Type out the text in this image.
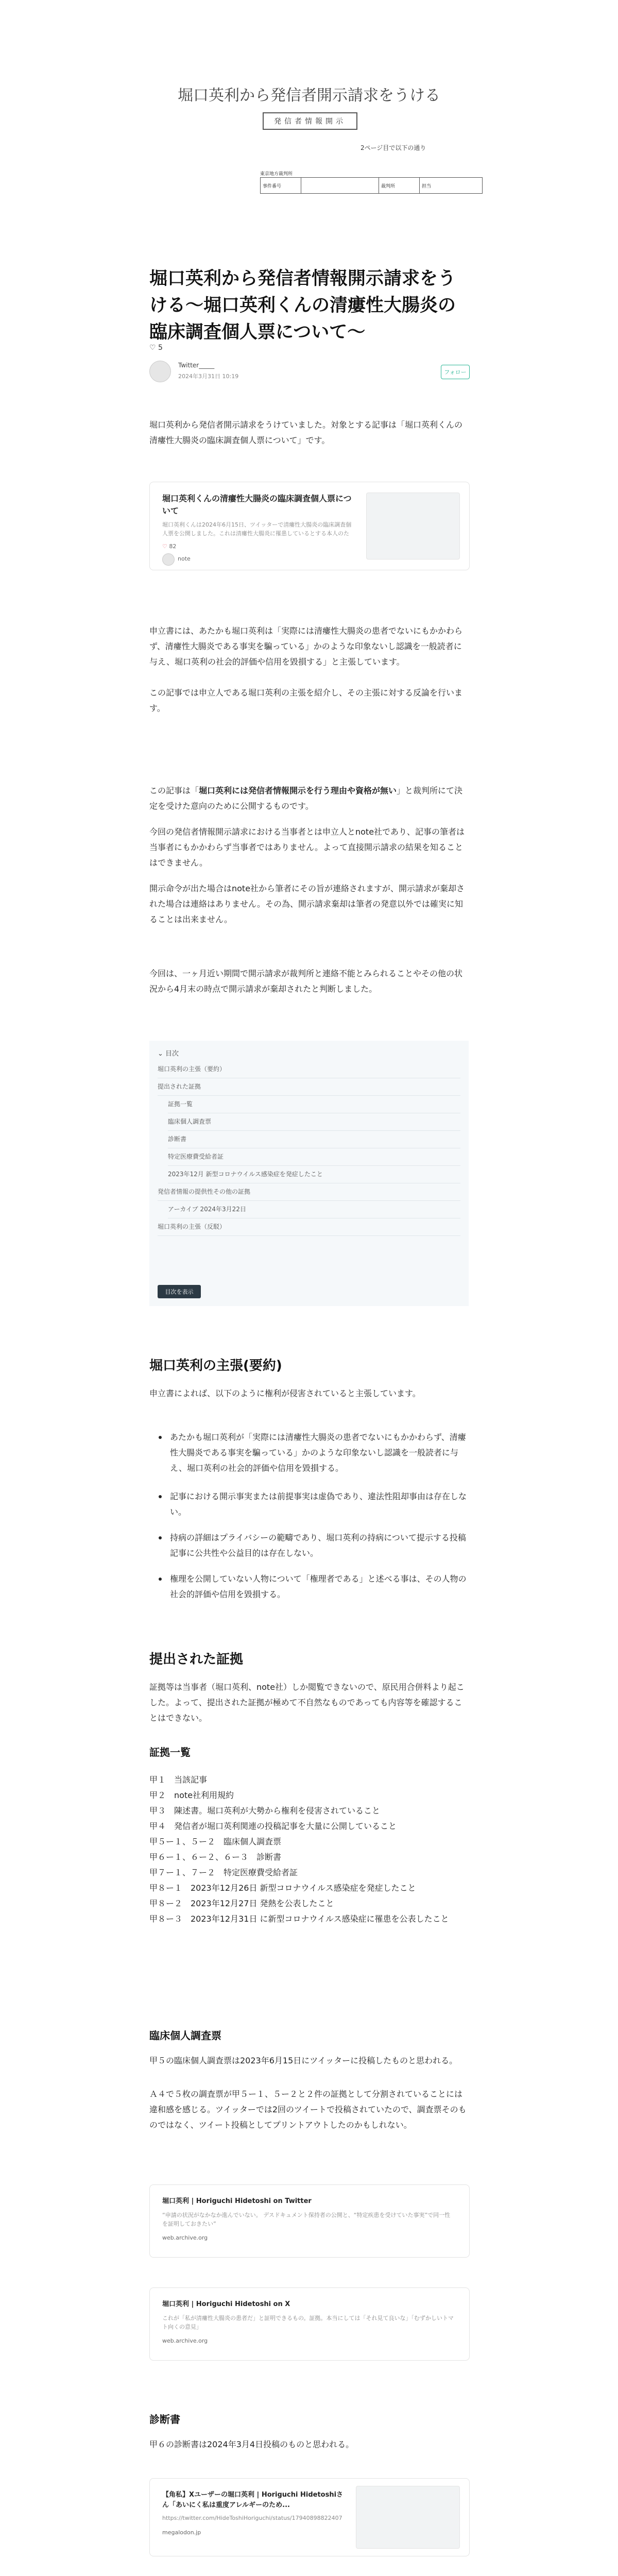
堀口英利から発信者開示請求をうける
発信者情報開示
2ページ目で以下の通り
東京地方裁判所
事件番号	裁判所	担当
堀口英利から発信者情報開示請求をうける〜堀口英利くんの清瘻性大腸炎の臨床調査個人票について〜
♡ 5
Twitter_____
2024年3月31日 10:19
フォロー
堀口英利から発信者開示請求をうけていました。対象とする記事は「堀口英利くんの清瘻性大腸炎の臨床調査個人票について」です。
堀口英利くんの清瘻性大腸炎の臨床調査個人票について
堀口英利くんは2024年6月15日、ツイッターで清瘻性大腸炎の臨床調査個人票を公開しました。これは清瘻性大腸炎に罹患しているとする本人のた
♡ 82
note
申立書には、あたかも堀口英利は「実際には清瘻性大腸炎の患者でないにもかかわらず、清瘻性大腸炎である事実を騙っている」かのような印象ないし認識を一般読者に与え、堀口英利の社会的評価や信用を毀損する」と主張しています。
この記事では申立人である堀口英利の主張を紹介し、その主張に対する反論を行います。
この記事は「堀口英利には発信者情報開示を行う理由や資格が無い」と裁判所にて決定を受けた意向のために公開するものです。
今回の発信者情報開示請求における当事者とは申立人とnote社であり、記事の筆者は当事者にもかかわらず当事者ではありません。よって直接開示請求の結果を知ることはできません。
開示命令が出た場合はnote社から筆者にその旨が連絡されますが、開示請求が棄却された場合は連絡はありません。その為、開示請求棄却は筆者の発意以外では確実に知ることは出来ません。
今回は、一ヶ月近い期間で開示請求が裁判所と連絡不能とみられることやその他の状況から4月末の時点で開示請求が棄却されたと判断しました。
⌄ 目次
堀口英利の主張（要約）
提出された証拠
証拠一覧
臨床個人調査票
診断書
特定医療費受給者証
2023年12月 新型コロナウイルス感染症を発症したこと
発信者情報の提供性その他の証拠
アーカイブ 2024年3月22日
堀口英利の主張（反駁）
目次を表示
堀口英利の主張(要約)
申立書によれば、以下のように権利が侵害されていると主張しています。
あたかも堀口英利が「実際には清瘻性大腸炎の患者でないにもかかわらず、清瘻性大腸炎である事実を騙っている」かのような印象ないし認識を一般読者に与え、堀口英利の社会的評価や信用を毀損する。
記事における開示事実または前提事実は虚偽であり、違法性阻却事由は存在しない。
持病の詳細はプライバシーの範疇であり、堀口英利の持病について提示する投稿記事に公共性や公益目的は存在しない。
権理を公開していない人物について「権理者である」と述べる事は、その人物の社会的評価や信用を毀損する。
提出された証拠
証拠等は当事者（堀口英利、note社）しか閲覧できないので、原民用合併料より起こした。よって、提出された証拠が極めて不自然なものであっても内容等を確認することはできない。
証拠一覧
甲１　当該記事
甲２　note社利用規約
甲３　陳述書。堀口英利が大勢から権利を侵害されていること
甲４　発信者が堀口英利関連の投稿記事を大量に公開していること
甲５ー１、５ー２　臨床個人調査票
甲６ー１、６ー２、６ー３　診断書
甲７ー１、７ー２　特定医療費受給者証
甲８ー１　2023年12月26日 新型コロナウイルス感染症を発症したこと
甲８ー２　2023年12月27日 発熱を公表したこと
甲８ー３　2023年12月31日 に新型コロナウイルス感染症に罹患を公表したこと
臨床個人調査票
甲５の臨床個人調査票は2023年6月15日にツイッターに投稿したものと思われる。
Ａ４で５枚の調査票が甲５ー１、５ー２と２件の証拠として分割されていることには違和感を感じる。ツイッターでは2回のツイートで投稿されていたので、調査票そのものではなく、ツイート投稿としてプリントアウトしたのかもしれない。
堀口英利 | Horiguchi Hidetoshi on Twitter
“申請の状況がなかなか進んでいない。 デスドキュメント保持者の公開と、“特定疾患を受けていた事実”で同一性を証明しておきたい”
web.archive.org
堀口英利 | Horiguchi Hidetoshi on X
これが「私が清瘻性大腸炎の患者だ」と証明できるもの。証拠。本当にしては「それ見て良いな」「むずかしいトマト向くの意見」
web.archive.org
診断書
甲６の診断書は2024年3月4日投稿のものと思われる。
【角私】Xユーザーの堀口英利 | Horiguchi Hidetoshiさん「あいにく私は重度アレルギーのため...
https://twitter.com/HideToshiHoriguchi/status/17940898822407
megalodon.jp
